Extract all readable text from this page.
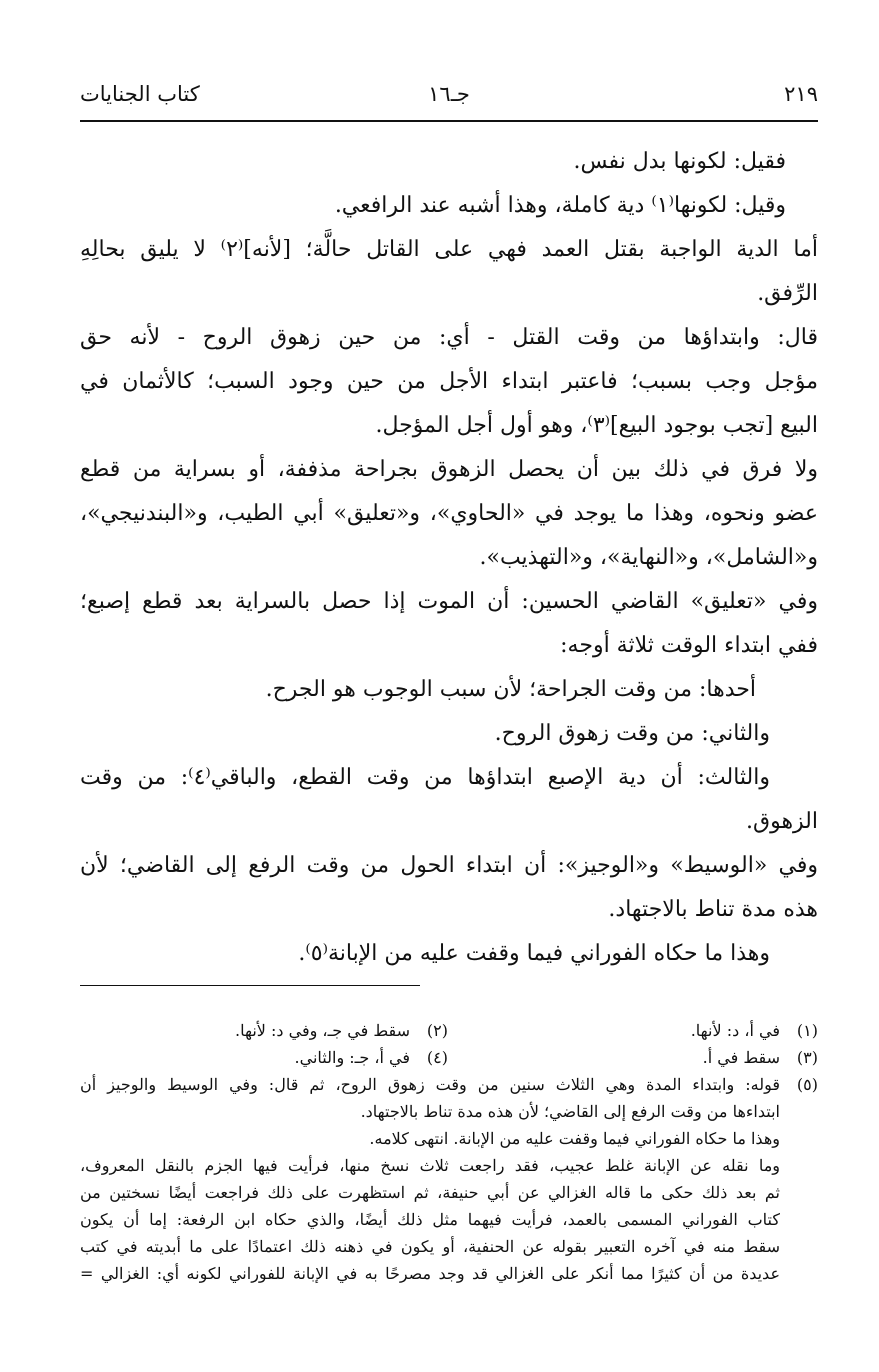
٢١٩
جـ١٦
كتاب الجنايات
فقيل: لكونها بدل نفس.
وقيل: لكونها⁽١⁾ دية كاملة، وهذا أشبه عند الرافعي.
أما الدية الواجبة بقتل العمد فهي على القاتل حالَّة؛ [لأنه]⁽٢⁾ لا يليق بحالِهِ
الرِّفق.
قال: وابتداؤها من وقت القتل - أي: من حين زهوق الروح - لأنه حق
مؤجل وجب بسبب؛ فاعتبر ابتداء الأجل من حين وجود السبب؛ كالأثمان في
البيع [تجب بوجود البيع]⁽٣⁾، وهو أول أجل المؤجل.
ولا فرق في ذلك بين أن يحصل الزهوق بجراحة مذففة، أو بسراية من قطع
عضو ونحوه، وهذا ما يوجد في «الحاوي»، و«تعليق» أبي الطيب، و«البندنيجي»،
و«الشامل»، و«النهاية»، و«التهذيب».
وفي «تعليق» القاضي الحسين: أن الموت إذا حصل بالسراية بعد قطع إصبع؛
ففي ابتداء الوقت ثلاثة أوجه:
أحدها: من وقت الجراحة؛ لأن سبب الوجوب هو الجرح.
والثاني: من وقت زهوق الروح.
والثالث: أن دية الإصبع ابتداؤها من وقت القطع، والباقي⁽٤⁾: من وقت
الزهوق.
وفي «الوسيط» و«الوجيز»: أن ابتداء الحول من وقت الرفع إلى القاضي؛ لأن
هذه مدة تناط بالاجتهاد.
وهذا ما حكاه الفوراني فيما وقفت عليه من الإبانة⁽٥⁾.
(١)في أ، د: لأنها.
(٢)سقط في جـ، وفي د: لأنها.
(٣)سقط في أ.
(٤)في أ، جـ: والثاني.
(٥)
قوله: وابتداء المدة وهي الثلاث سنين من وقت زهوق الروح، ثم قال: وفي الوسيط والوجيز أن
ابتداءها من وقت الرفع إلى القاضي؛ لأن هذه مدة تناط بالاجتهاد.
وهذا ما حكاه الفوراني فيما وقفت عليه من الإبانة. انتهى كلامه.
وما نقله عن الإبانة غلط عجيب، فقد راجعت ثلاث نسخ منها، فرأيت فيها الجزم بالنقل المعروف،
ثم بعد ذلك حكى ما قاله الغزالي عن أبي حنيفة، ثم استظهرت على ذلك فراجعت أيضًا نسختين من
كتاب الفوراني المسمى بالعمد، فرأيت فيهما مثل ذلك أيضًا، والذي حكاه ابن الرفعة: إما أن يكون
سقط منه في آخره التعبير بقوله عن الحنفية، أو يكون في ذهنه ذلك اعتمادًا على ما أبديته في كتب
عديدة من أن كثيرًا مما أنكر على الغزالي قد وجد مصرحًا به في الإبانة للفوراني لكونه أي: الغزالي =
